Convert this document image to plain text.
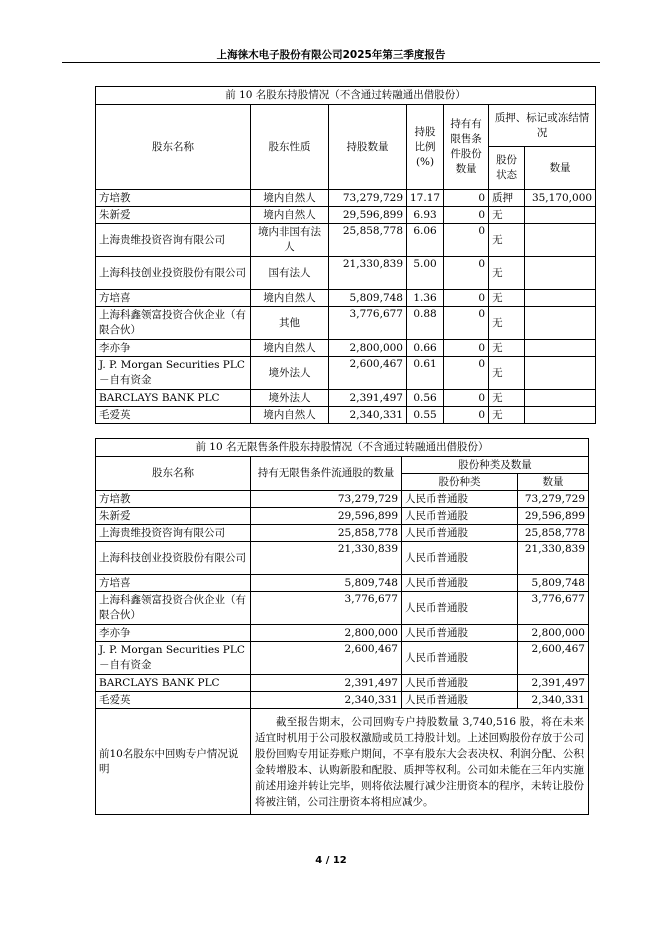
上海徕木电子股份有限公司2025年第三季度报告
前 10 名股东持股情况（不含通过转融通出借股份）						
股东名称	股东性质	持股数量	持股比例(%)	持有有限售条件股份数量	质押、标记或冻结情况	
					股份状态	数量
方培教	境内自然人	73,279,729	17.17	0	质押	35,170,000
朱新爱	境内自然人	29,596,899	6.93	0	无	
上海贵维投资咨询有限公司	境内非国有法人	25,858,778	6.06	0	无	
上海科技创业投资股份有限公司	国有法人	21,330,839	5.00	0	无	
方培喜	境内自然人	5,809,748	1.36	0	无	
上海科鑫领富投资合伙企业（有限合伙）	其他	3,776,677	0.88	0	无	
李亦争	境内自然人	2,800,000	0.66	0	无	
J. P. Morgan Securities PLC－自有资金	境外法人	2,600,467	0.61	0	无	
BARCLAYS BANK PLC	境外法人	2,391,497	0.56	0	无	
毛爱英	境内自然人	2,340,331	0.55	0	无	
前 10 名无限售条件股东持股情况（不含通过转融通出借股份）			
股东名称	持有无限售条件流通股的数量	股份种类及数量	
		股份种类	数量
方培教	73,279,729	人民币普通股	73,279,729
朱新爱	29,596,899	人民币普通股	29,596,899
上海贵维投资咨询有限公司	25,858,778	人民币普通股	25,858,778
上海科技创业投资股份有限公司	21,330,839	人民币普通股	21,330,839
方培喜	5,809,748	人民币普通股	5,809,748
上海科鑫领富投资合伙企业（有限合伙）	3,776,677	人民币普通股	3,776,677
李亦争	2,800,000	人民币普通股	2,800,000
J. P. Morgan Securities PLC－自有资金	2,600,467	人民币普通股	2,600,467
BARCLAYS BANK PLC	2,391,497	人民币普通股	2,391,497
毛爱英	2,340,331	人民币普通股	2,340,331
前10名股东中回购专户情况说明	截至报告期末，公司回购专户持股数量 3,740,516 股，将在未来适宜时机用于公司股权激励或员工持股计划。上述回购股份存放于公司股份回购专用证券账户期间，不享有股东大会表决权、利润分配、公积金转增股本、认购新股和配股、质押等权利。公司如未能在三年内实施前述用途并转让完毕，则将依法履行减少注册资本的程序，未转让股份将被注销，公司注册资本将相应减少。		
4 / 12
